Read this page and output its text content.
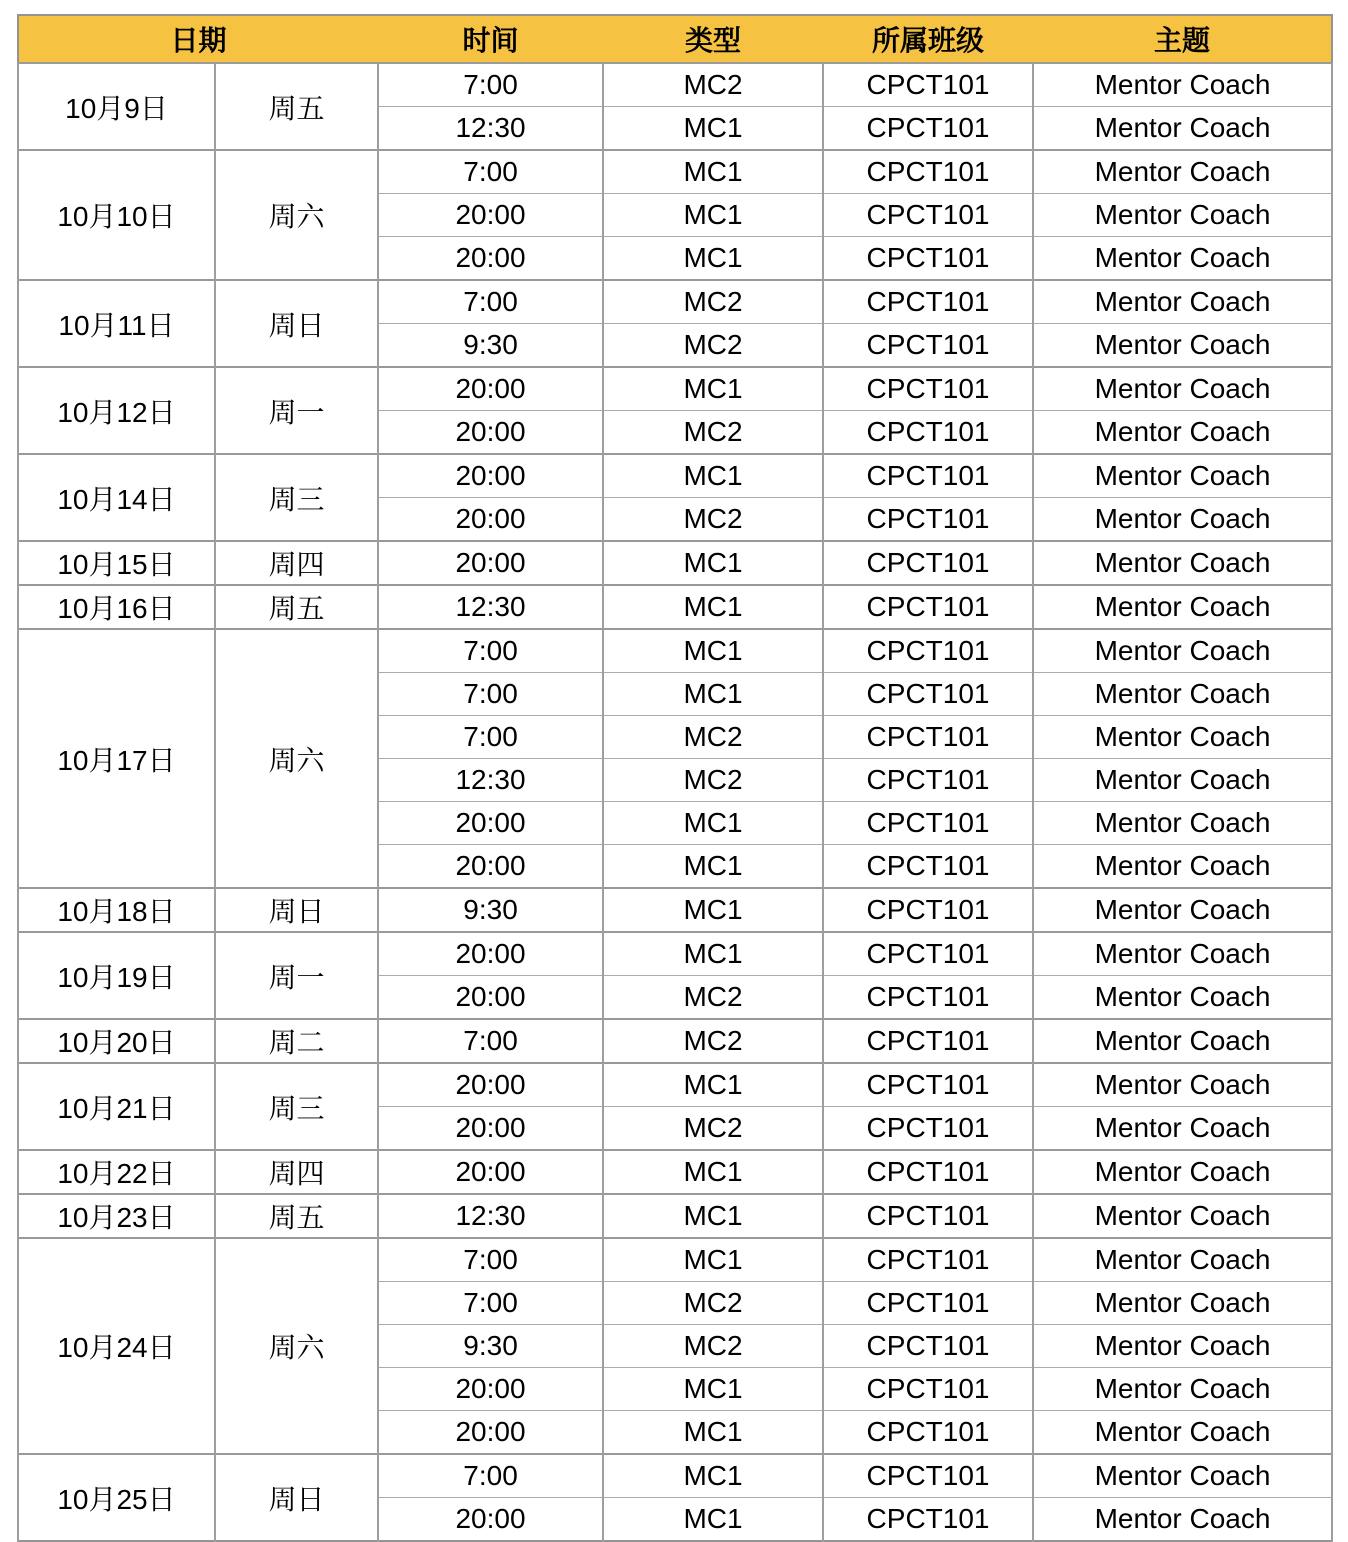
日期		时间	类型	所属班级	主题
10月9日	周五	7:00	MC2	CPCT101	Mentor Coach
		12:30	MC1	CPCT101	Mentor Coach
10月10日	周六	7:00	MC1	CPCT101	Mentor Coach
		20:00	MC1	CPCT101	Mentor Coach
		20:00	MC1	CPCT101	Mentor Coach
10月11日	周日	7:00	MC2	CPCT101	Mentor Coach
		9:30	MC2	CPCT101	Mentor Coach
10月12日	周一	20:00	MC1	CPCT101	Mentor Coach
		20:00	MC2	CPCT101	Mentor Coach
10月14日	周三	20:00	MC1	CPCT101	Mentor Coach
		20:00	MC2	CPCT101	Mentor Coach
10月15日	周四	20:00	MC1	CPCT101	Mentor Coach
10月16日	周五	12:30	MC1	CPCT101	Mentor Coach
10月17日	周六	7:00	MC1	CPCT101	Mentor Coach
		7:00	MC1	CPCT101	Mentor Coach
		7:00	MC2	CPCT101	Mentor Coach
		12:30	MC2	CPCT101	Mentor Coach
		20:00	MC1	CPCT101	Mentor Coach
		20:00	MC1	CPCT101	Mentor Coach
10月18日	周日	9:30	MC1	CPCT101	Mentor Coach
10月19日	周一	20:00	MC1	CPCT101	Mentor Coach
		20:00	MC2	CPCT101	Mentor Coach
10月20日	周二	7:00	MC2	CPCT101	Mentor Coach
10月21日	周三	20:00	MC1	CPCT101	Mentor Coach
		20:00	MC2	CPCT101	Mentor Coach
10月22日	周四	20:00	MC1	CPCT101	Mentor Coach
10月23日	周五	12:30	MC1	CPCT101	Mentor Coach
10月24日	周六	7:00	MC1	CPCT101	Mentor Coach
		7:00	MC2	CPCT101	Mentor Coach
		9:30	MC2	CPCT101	Mentor Coach
		20:00	MC1	CPCT101	Mentor Coach
		20:00	MC1	CPCT101	Mentor Coach
10月25日	周日	7:00	MC1	CPCT101	Mentor Coach
		20:00	MC1	CPCT101	Mentor Coach
